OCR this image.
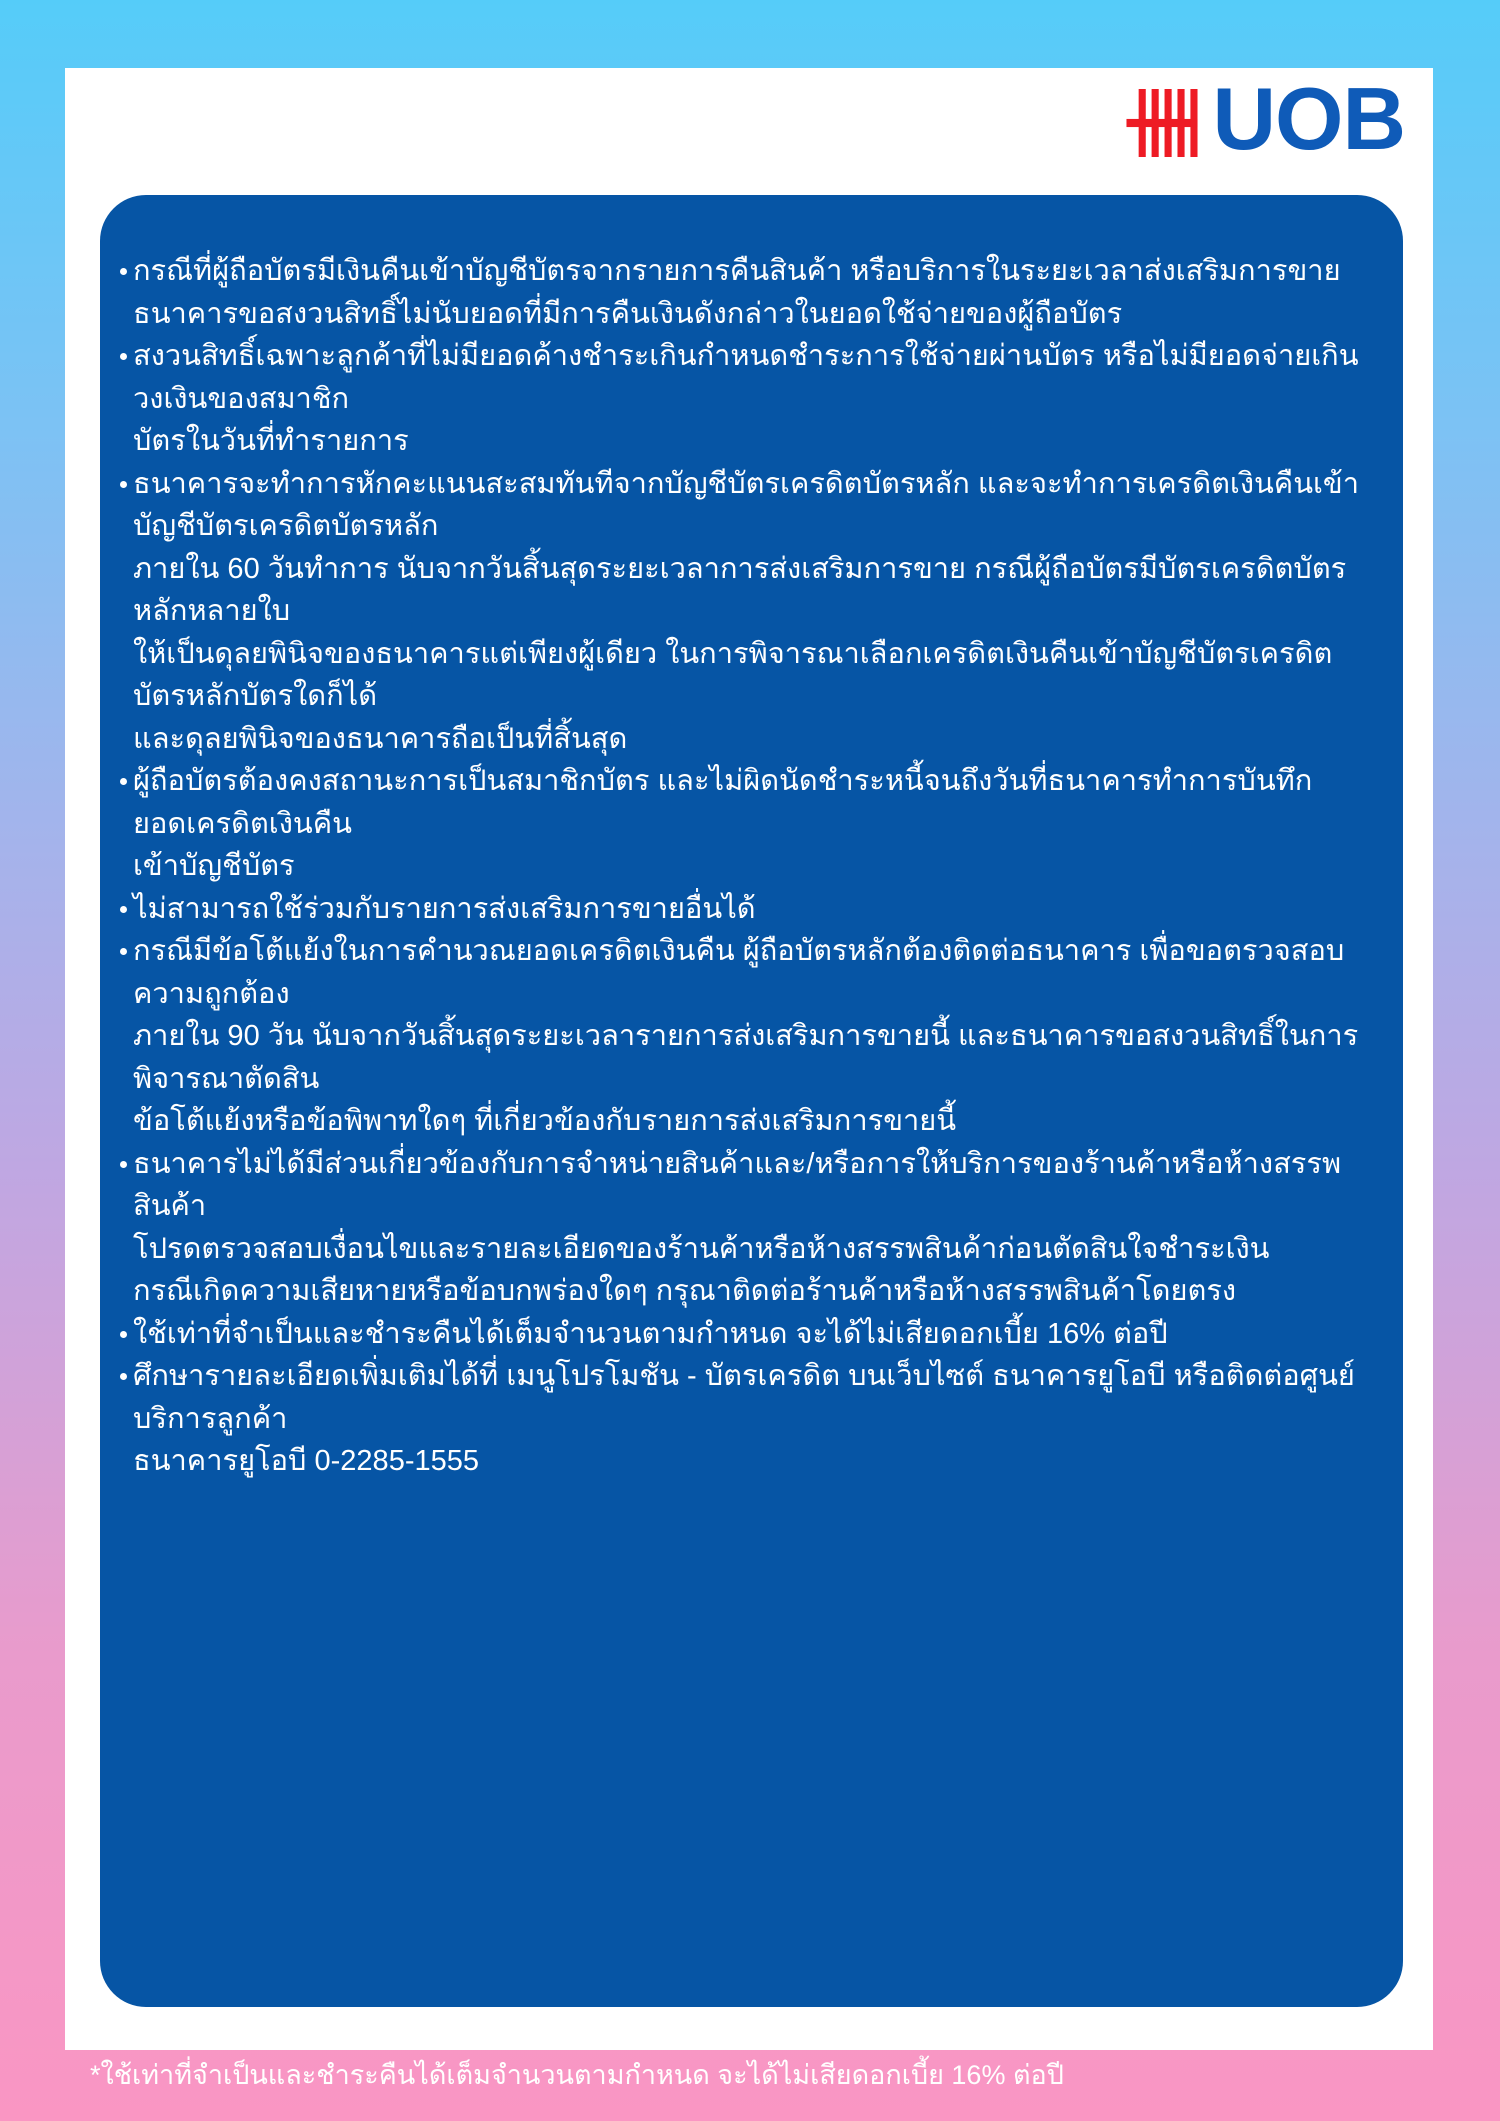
UOB
กรณีที่ผู้ถือบัตรมีเงินคืนเข้าบัญชีบัตรจากรายการคืนสินค้า หรือบริการในระยะเวลาส่งเสริมการขาย
ธนาคารขอสงวนสิทธิ์ไม่นับยอดที่มีการคืนเงินดังกล่าวในยอดใช้จ่ายของผู้ถือบัตร
สงวนสิทธิ์เฉพาะลูกค้าที่ไม่มียอดค้างชำระเกินกำหนดชำระการใช้จ่ายผ่านบัตร หรือไม่มียอดจ่ายเกินวงเงินของสมาชิก
บัตรในวันที่ทำรายการ
ธนาคารจะทำการหักคะแนนสะสมทันทีจากบัญชีบัตรเครดิตบัตรหลัก และจะทำการเครดิตเงินคืนเข้าบัญชีบัตรเครดิตบัตรหลัก
ภายใน 60 วันทำการ นับจากวันสิ้นสุดระยะเวลาการส่งเสริมการขาย กรณีผู้ถือบัตรมีบัตรเครดิตบัตรหลักหลายใบ
ให้เป็นดุลยพินิจของธนาคารแต่เพียงผู้เดียว ในการพิจารณาเลือกเครดิตเงินคืนเข้าบัญชีบัตรเครดิตบัตรหลักบัตรใดก็ได้
และดุลยพินิจของธนาคารถือเป็นที่สิ้นสุด
ผู้ถือบัตรต้องคงสถานะการเป็นสมาชิกบัตร และไม่ผิดนัดชำระหนี้จนถึงวันที่ธนาคารทำการบันทึกยอดเครดิตเงินคืน
เข้าบัญชีบัตร
ไม่สามารถใช้ร่วมกับรายการส่งเสริมการขายอื่นได้
กรณีมีข้อโต้แย้งในการคำนวณยอดเครดิตเงินคืน ผู้ถือบัตรหลักต้องติดต่อธนาคาร เพื่อขอตรวจสอบความถูกต้อง
ภายใน 90 วัน นับจากวันสิ้นสุดระยะเวลารายการส่งเสริมการขายนี้ และธนาคารขอสงวนสิทธิ์ในการพิจารณาตัดสิน
ข้อโต้แย้งหรือข้อพิพาทใดๆ ที่เกี่ยวข้องกับรายการส่งเสริมการขายนี้
ธนาคารไม่ได้มีส่วนเกี่ยวข้องกับการจำหน่ายสินค้าและ/หรือการให้บริการของร้านค้าหรือห้างสรรพสินค้า
โปรดตรวจสอบเงื่อนไขและรายละเอียดของร้านค้าหรือห้างสรรพสินค้าก่อนตัดสินใจชำระเงิน
กรณีเกิดความเสียหายหรือข้อบกพร่องใดๆ กรุณาติดต่อร้านค้าหรือห้างสรรพสินค้าโดยตรง
ใช้เท่าที่จำเป็นและชำระคืนได้เต็มจำนวนตามกำหนด จะได้ไม่เสียดอกเบี้ย 16% ต่อปี
ศึกษารายละเอียดเพิ่มเติมได้ที่ เมนูโปรโมชัน - บัตรเครดิต บนเว็บไซต์ ธนาคารยูโอบี หรือติดต่อศูนย์บริการลูกค้า
ธนาคารยูโอบี 0-2285-1555
*ใช้เท่าที่จำเป็นและชำระคืนได้เต็มจำนวนตามกำหนด จะได้ไม่เสียดอกเบี้ย 16% ต่อปี
